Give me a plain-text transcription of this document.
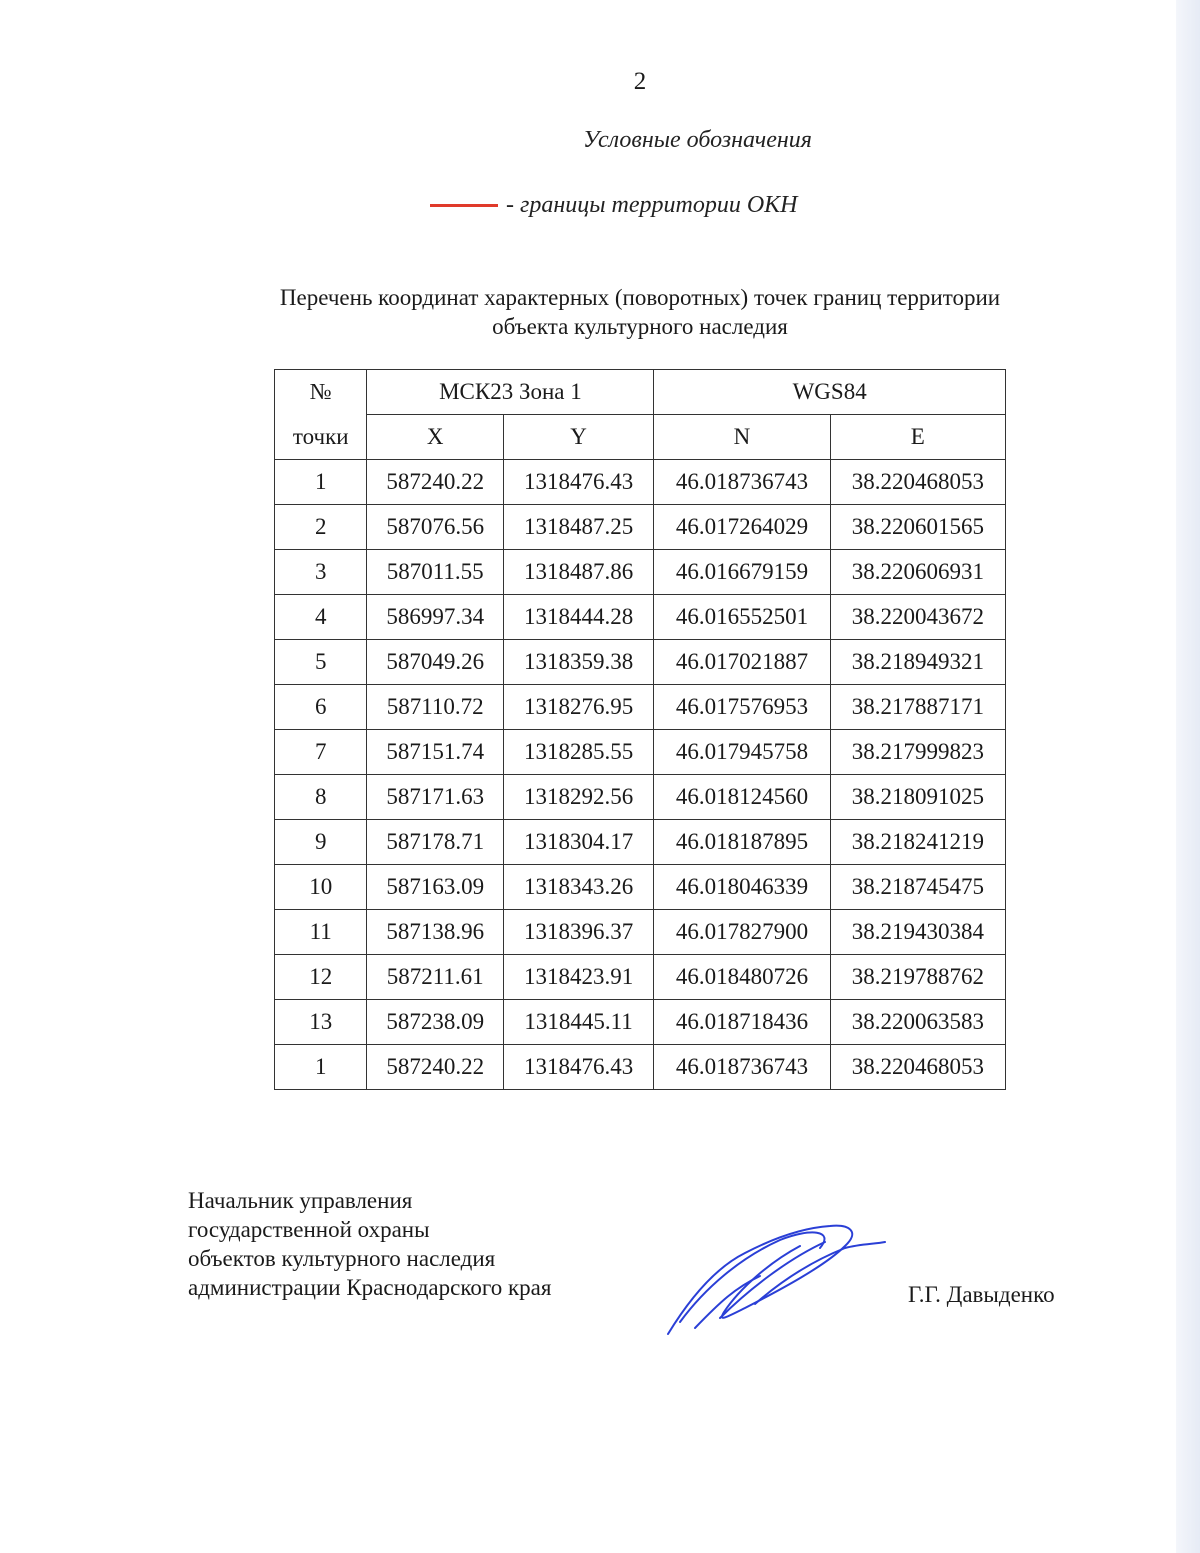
2
Условные обозначения
- границы территории ОКН
Перечень координат характерных (поворотных) точек границ территории
объекта культурного наследия
№	МСК23 Зона 1		WGS84	
точки	X	Y	N	E
1	587240.22	1318476.43	46.018736743	38.220468053
2	587076.56	1318487.25	46.017264029	38.220601565
3	587011.55	1318487.86	46.016679159	38.220606931
4	586997.34	1318444.28	46.016552501	38.220043672
5	587049.26	1318359.38	46.017021887	38.218949321
6	587110.72	1318276.95	46.017576953	38.217887171
7	587151.74	1318285.55	46.017945758	38.217999823
8	587171.63	1318292.56	46.018124560	38.218091025
9	587178.71	1318304.17	46.018187895	38.218241219
10	587163.09	1318343.26	46.018046339	38.218745475
11	587138.96	1318396.37	46.017827900	38.219430384
12	587211.61	1318423.91	46.018480726	38.219788762
13	587238.09	1318445.11	46.018718436	38.220063583
1	587240.22	1318476.43	46.018736743	38.220468053
Начальник управления
государственной охраны
объектов культурного наследия
администрации Краснодарского края	Г.Г. Давыденко
